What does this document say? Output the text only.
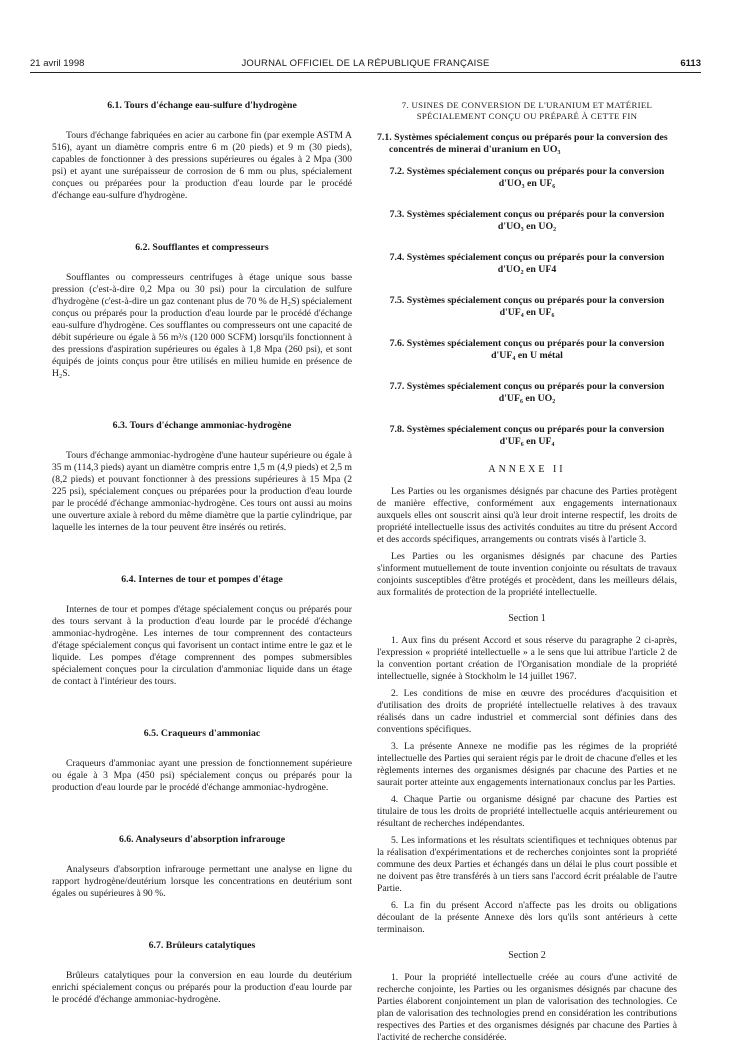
21 avril 1998	JOURNAL OFFICIEL DE LA RÉPUBLIQUE FRANÇAISE	6113

6.1. Tours d'échange eau-sulfure d'hydrogène

Tours d'échange fabriquées en acier au carbone fin (par exemple ASTM A 516), ayant un diamètre compris entre 6 m (20 pieds) et 9 m (30 pieds), capables de fonctionner à des pressions supérieures ou égales à 2 Mpa (300 psi) et ayant une surépaisseur de corrosion de 6 mm ou plus, spécialement conçues ou préparées pour la production d'eau lourde par le procédé d'échange eau-sulfure d'hydrogène.

6.2. Soufflantes et compresseurs

Soufflantes ou compresseurs centrifuges à étage unique sous basse pression (c'est-à-dire 0,2 Mpa ou 30 psi) pour la circulation de sulfure d'hydrogène (c'est-à-dire un gaz contenant plus de 70 % de H₂S) spécialement conçus ou préparés pour la production d'eau lourde par le procédé d'échange eau-sulfure d'hydrogène. Ces soufflantes ou compresseurs ont une capacité de débit supérieure ou égale à 56 m³/s (120 000 SCFM) lorsqu'ils fonctionnent à des pressions d'aspiration supérieures ou égales à 1,8 Mpa (260 psi), et sont équipés de joints conçus pour être utilisés en milieu humide en présence de H₂S.

6.3. Tours d'échange ammoniac-hydrogène

Tours d'échange ammoniac-hydrogène d'une hauteur supérieure ou égale à 35 m (114,3 pieds) ayant un diamètre compris entre 1,5 m (4,9 pieds) et 2,5 m (8,2 pieds) et pouvant fonctionner à des pressions supérieures à 15 Mpa (2 225 psi), spécialement conçues ou préparées pour la production d'eau lourde par le procédé d'échange ammoniac-hydrogène. Ces tours ont aussi au moins une ouverture axiale à rebord du même diamètre que la partie cylindrique, par laquelle les internes de la tour peuvent être insérés ou retirés.

6.4. Internes de tour et pompes d'étage

Internes de tour et pompes d'étage spécialement conçus ou préparés pour des tours servant à la production d'eau lourde par le procédé d'échange ammoniac-hydrogène. Les internes de tour comprennent des contacteurs d'étage spécialement conçus qui favorisent un contact intime entre le gaz et le liquide. Les pompes d'étage comprennent des pompes submersibles spécialement conçues pour la circulation d'ammoniac liquide dans un étage de contact à l'intérieur des tours.

6.5. Craqueurs d'ammoniac

Craqueurs d'ammoniac ayant une pression de fonctionnement supérieure ou égale à 3 Mpa (450 psi) spécialement conçus ou préparés pour la production d'eau lourde par le procédé d'échange ammoniac-hydrogène.

6.6. Analyseurs d'absorption infrarouge

Analyseurs d'absorption infrarouge permettant une analyse en ligne du rapport hydrogène/deutérium lorsque les concentrations en deutérium sont égales ou supérieures à 90 %.

6.7. Brûleurs catalytiques

Brûleurs catalytiques pour la conversion en eau lourde du deutérium enrichi spécialement conçus ou préparés pour la production d'eau lourde par le procédé d'échange ammoniac-hydrogène.

7. USINES DE CONVERSION DE L'URANIUM ET MATÉRIEL SPÉCIALEMENT CONÇU OU PRÉPARÉ À CETTE FIN

7.1. Systèmes spécialement conçus ou préparés pour la conversion des concentrés de minerai d'uranium en UO₃

7.2. Systèmes spécialement conçus ou préparés pour la conversion d'UO₃ en UF₆

7.3. Systèmes spécialement conçus ou préparés pour la conversion d'UO₃ en UO₂

7.4. Systèmes spécialement conçus ou préparés pour la conversion d'UO₂ en UF4

7.5. Systèmes spécialement conçus ou préparés pour la conversion d'UF₄ en UF₆

7.6. Systèmes spécialement conçus ou préparés pour la conversion d'UF₄ en U métal

7.7. Systèmes spécialement conçus ou préparés pour la conversion d'UF₆ en UO₂

7.8. Systèmes spécialement conçus ou préparés pour la conversion d'UF₆ en UF₄

ANNEXE II

Les Parties ou les organismes désignés par chacune des Parties protègent de manière effective, conformément aux engagements internationaux auxquels elles ont souscrit ainsi qu'à leur droit interne respectif, les droits de propriété intellectuelle issus des activités conduites au titre du présent Accord et des accords spécifiques, arrangements ou contrats visés à l'article 3.

Les Parties ou les organismes désignés par chacune des Parties s'informent mutuellement de toute invention conjointe ou résultats de travaux conjoints susceptibles d'être protégés et procèdent, dans les meilleurs délais, aux formalités de protection de la propriété intellectuelle.

Section 1

1. Aux fins du présent Accord et sous réserve du paragraphe 2 ci-après, l'expression « propriété intellectuelle » a le sens que lui attribue l'article 2 de la convention portant création de l'Organisation mondiale de la propriété intellectuelle, signée à Stockholm le 14 juillet 1967.

2. Les conditions de mise en œuvre des procédures d'acquisition et d'utilisation des droits de propriété intellectuelle relatives à des travaux réalisés dans un cadre industriel et commercial sont définies dans des conventions spécifiques.

3. La présente Annexe ne modifie pas les régimes de la propriété intellectuelle des Parties qui seraient régis par le droit de chacune d'elles et les règlements internes des organismes désignés par chacune des Parties et ne saurait porter atteinte aux engagements internationaux conclus par les Parties.

4. Chaque Partie ou organisme désigné par chacune des Parties est titulaire de tous les droits de propriété intellectuelle acquis antérieurement ou résultant de recherches indépendantes.

5. Les informations et les résultats scientifiques et techniques obtenus par la réalisation d'expérimentations et de recherches conjointes sont la propriété commune des deux Parties et échangés dans un délai le plus court possible et ne doivent pas être transférés à un tiers sans l'accord écrit préalable de l'autre Partie.

6. La fin du présent Accord n'affecte pas les droits ou obligations découlant de la présente Annexe dès lors qu'ils sont antérieurs à cette terminaison.

Section 2

1. Pour la propriété intellectuelle créée au cours d'une activité de recherche conjointe, les Parties ou les organismes désignés par chacune des Parties élaborent conjointement un plan de valorisation des technologies. Ce plan de valorisation des technologies prend en considération les contributions respectives des Parties et des organismes désignés par chacune des Parties à l'activité de recherche considérée.
